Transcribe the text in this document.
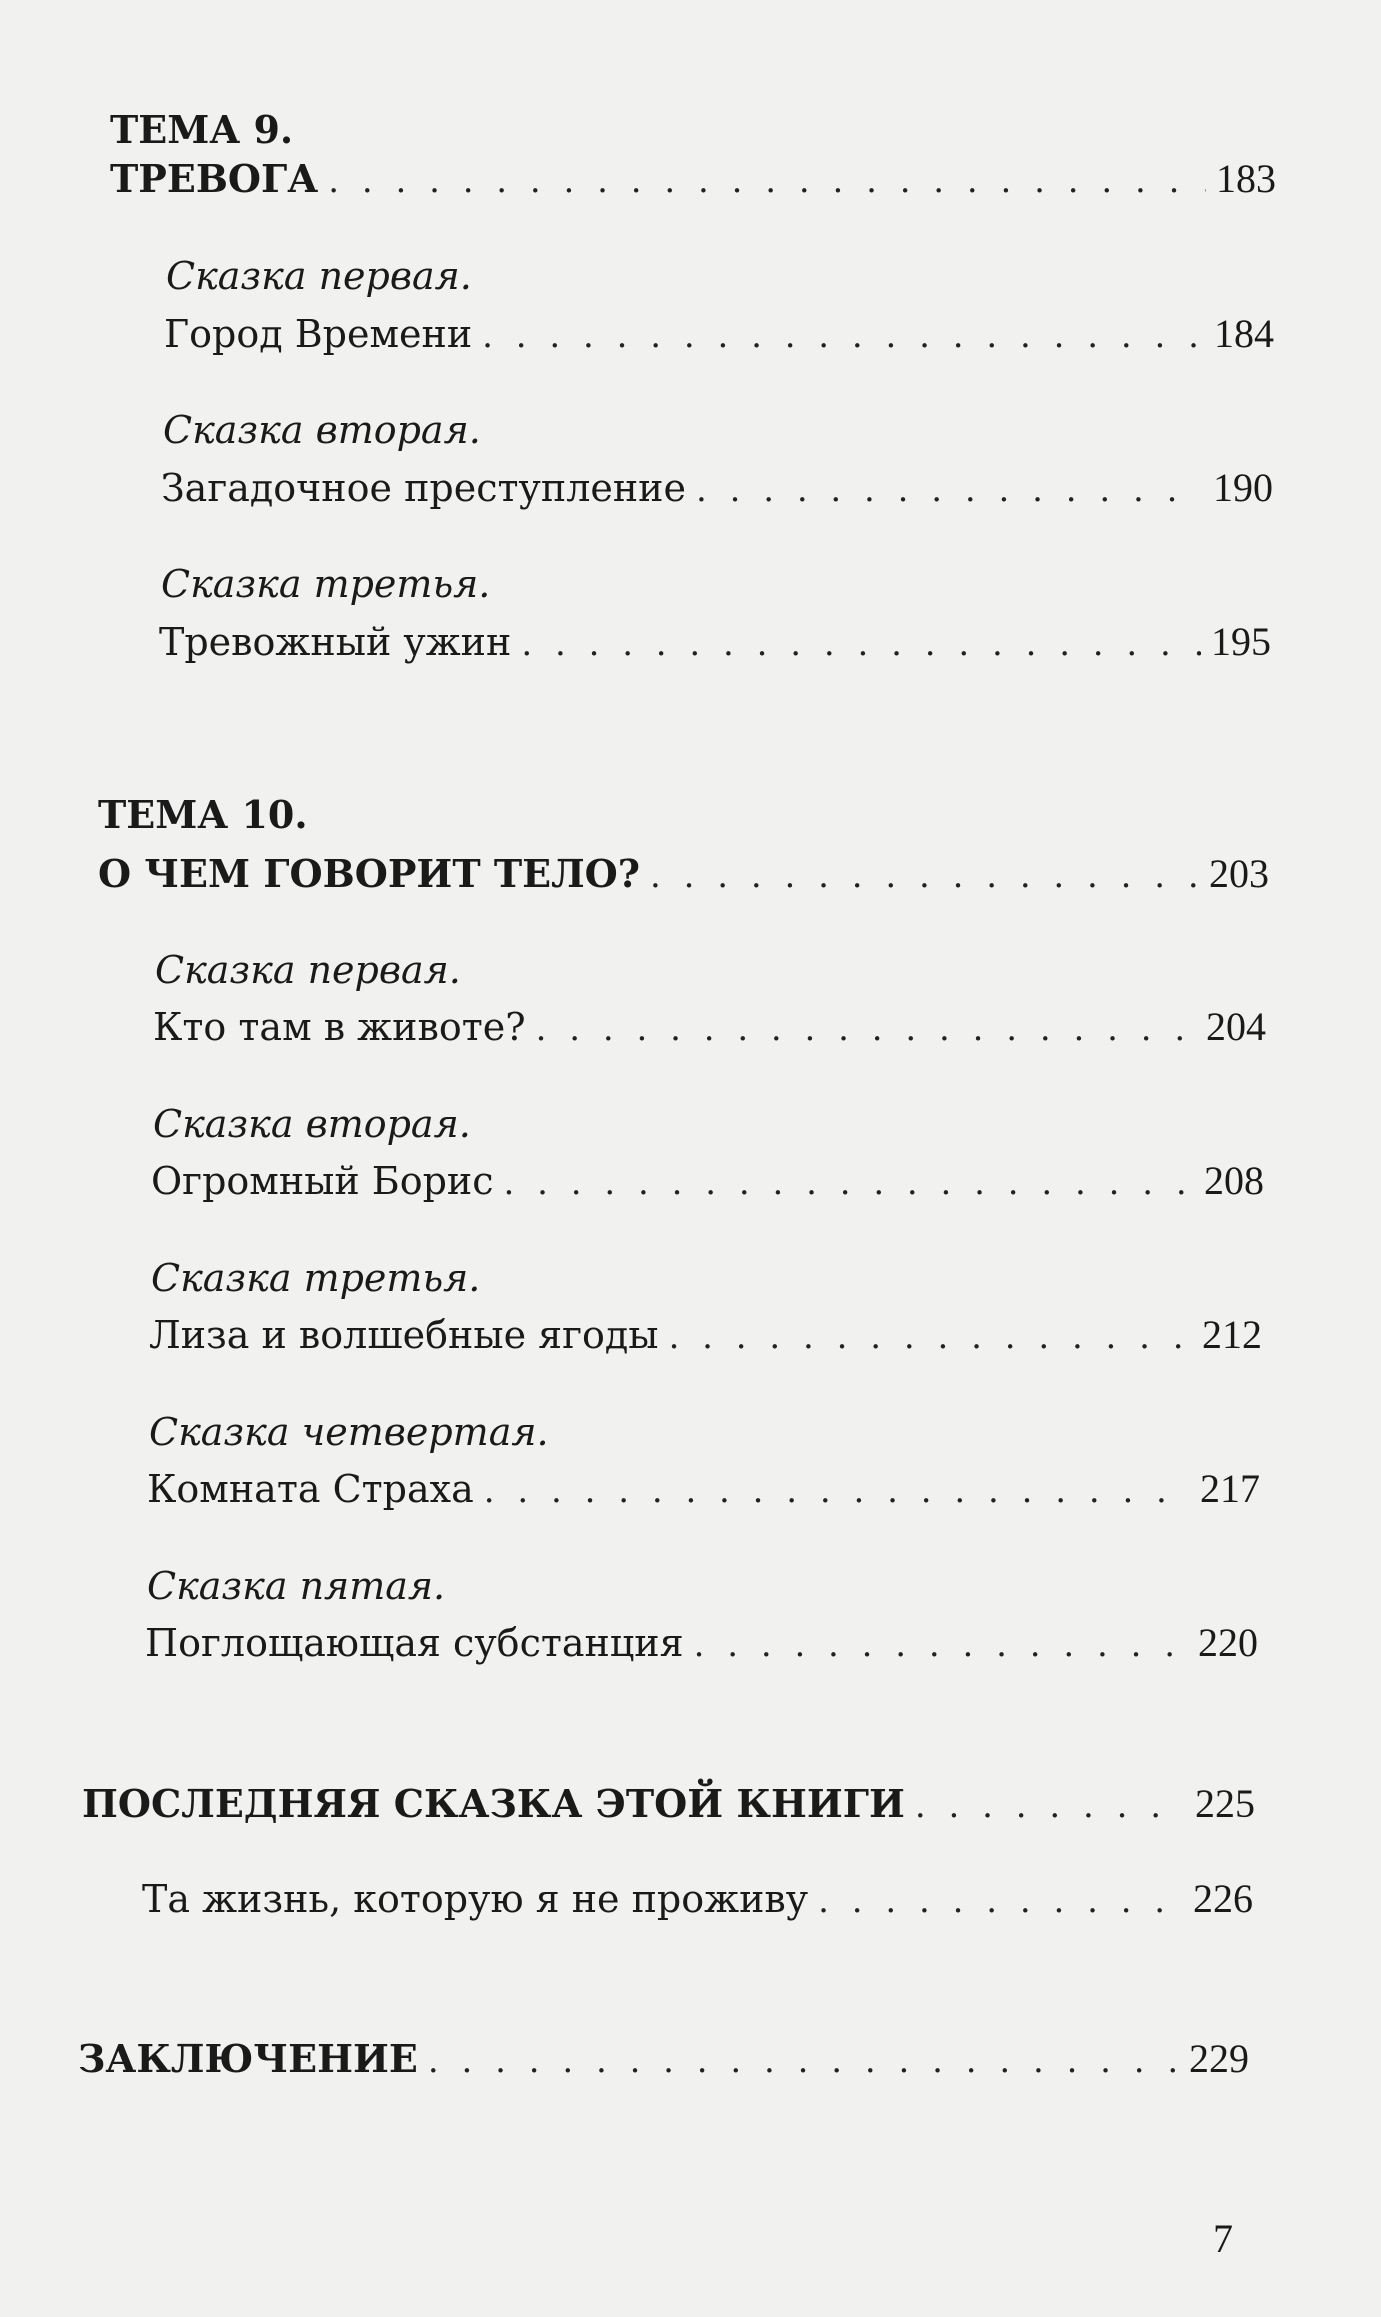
ТЕМА 9.
ТРЕВОГА . . .	183
Сказка первая.
Город Времени . . .	184
Сказка вторая.
Загадочное преступление . . .	190
Сказка третья.
Тревожный ужин . . .	195
ТЕМА 10.
О ЧЕМ ГОВОРИТ ТЕЛО? . . .	203
Сказка первая.
Кто там в животе? . . .	204
Сказка вторая.
Огромный Борис . . .	208
Сказка третья.
Лиза и волшебные ягоды . . .	212
Сказка четвертая.
Комната Страха . . .	217
Сказка пятая.
Поглощающая субстанция . . .	220
ПОСЛЕДНЯЯ СКАЗКА ЭТОЙ КНИГИ . . .	225
Та жизнь, которую я не проживу . . .	226
ЗАКЛЮЧЕНИЕ . . .	229
7
